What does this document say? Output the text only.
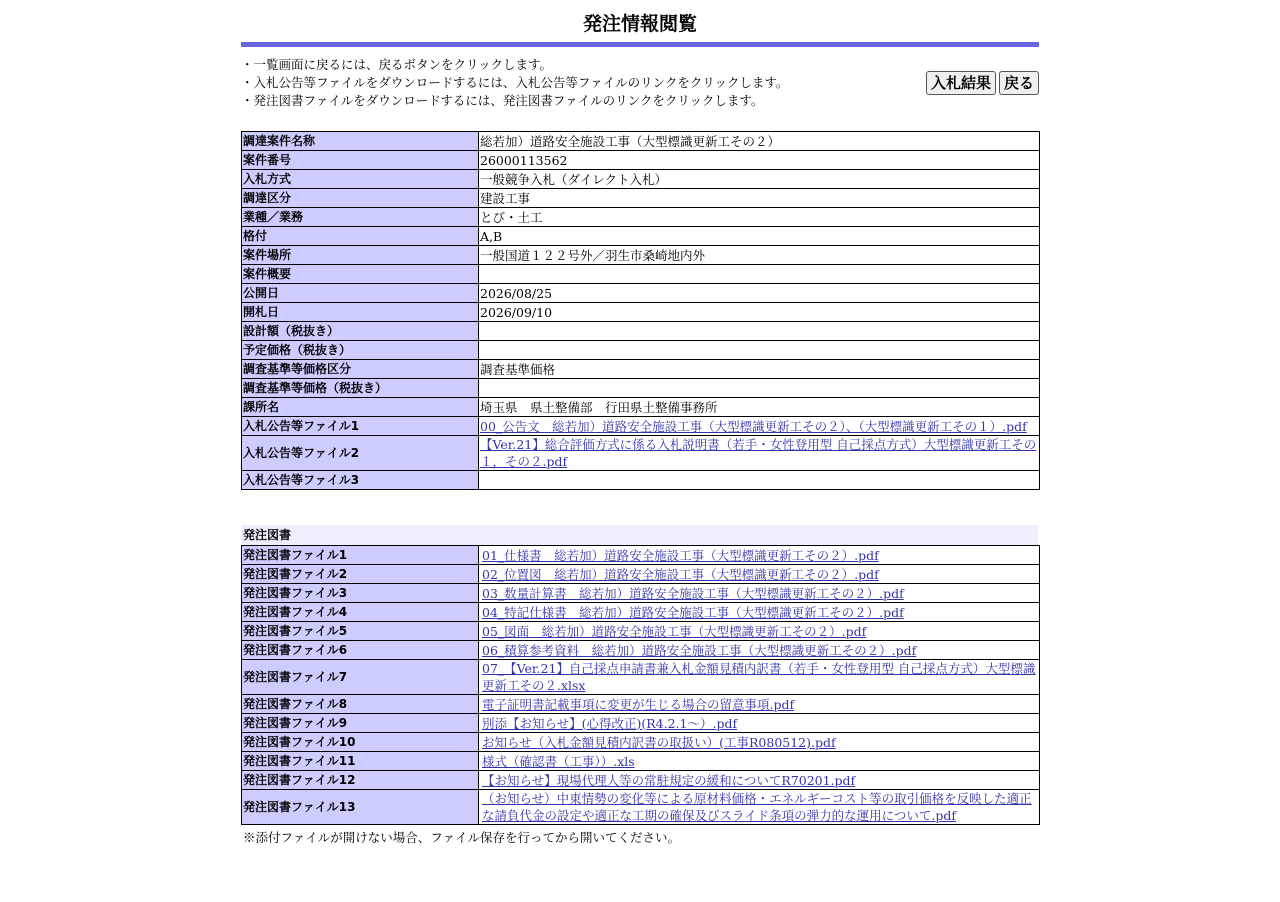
発注情報閲覧
・一覧画面に戻るには、戻るボタンをクリックします。
・入札公告等ファイルをダウンロードするには、入札公告等ファイルのリンクをクリックします。
・発注図書ファイルをダウンロードするには、発注図書ファイルのリンクをクリックします。
入札結果 戻る
調達案件名称	総若加）道路安全施設工事（大型標識更新工その２）
案件番号	26000113562
入札方式	一般競争入札（ダイレクト入札）
調達区分	建設工事
業種／業務	とび・土工
格付	A,B
案件場所	一般国道１２２号外／羽生市桑崎地内外
案件概要	
公開日	2026/08/25
開札日	2026/09/10
設計額（税抜き）	
予定価格（税抜き）	
調査基準等価格区分	調査基準価格
調査基準等価格（税抜き）	
課所名	埼玉県　県土整備部　行田県土整備事務所
入札公告等ファイル1	00_公告文　総若加）道路安全施設工事（大型標識更新工その２）、（大型標識更新工その１）.pdf
入札公告等ファイル2	【Ver.21】総合評価方式に係る入札説明書（若手・女性登用型 自己採点方式）大型標識更新工その１，その２.pdf
入札公告等ファイル3	
発注図書
発注図書ファイル1	01_仕様書　総若加）道路安全施設工事（大型標識更新工その２）.pdf
発注図書ファイル2	02_位置図　総若加）道路安全施設工事（大型標識更新工その２）.pdf
発注図書ファイル3	03_数量計算書　総若加）道路安全施設工事（大型標識更新工その２）.pdf
発注図書ファイル4	04_特記仕様書　総若加）道路安全施設工事（大型標識更新工その２）.pdf
発注図書ファイル5	05_図面　総若加）道路安全施設工事（大型標識更新工その２）.pdf
発注図書ファイル6	06_積算参考資料　総若加）道路安全施設工事（大型標識更新工その２）.pdf
発注図書ファイル7	07_【Ver.21】自己採点申請書兼入札金額見積内訳書（若手・女性登用型 自己採点方式）大型標識更新工その２.xlsx
発注図書ファイル8	電子証明書記載事項に変更が生じる場合の留意事項.pdf
発注図書ファイル9	別添【お知らせ】(心得改正)(R4.2.1～）.pdf
発注図書ファイル10	お知らせ（入札金額見積内訳書の取扱い）(工事R080512).pdf
発注図書ファイル11	様式（確認書（工事））.xls
発注図書ファイル12	【お知らせ】現場代理人等の常駐規定の緩和についてR70201.pdf
発注図書ファイル13	（お知らせ）中東情勢の変化等による原材料価格・エネルギーコスト等の取引価格を反映した適正な請負代金の設定や適正な工期の確保及びスライド条項の弾力的な運用について.pdf
※添付ファイルが開けない場合、ファイル保存を行ってから開いてください。
